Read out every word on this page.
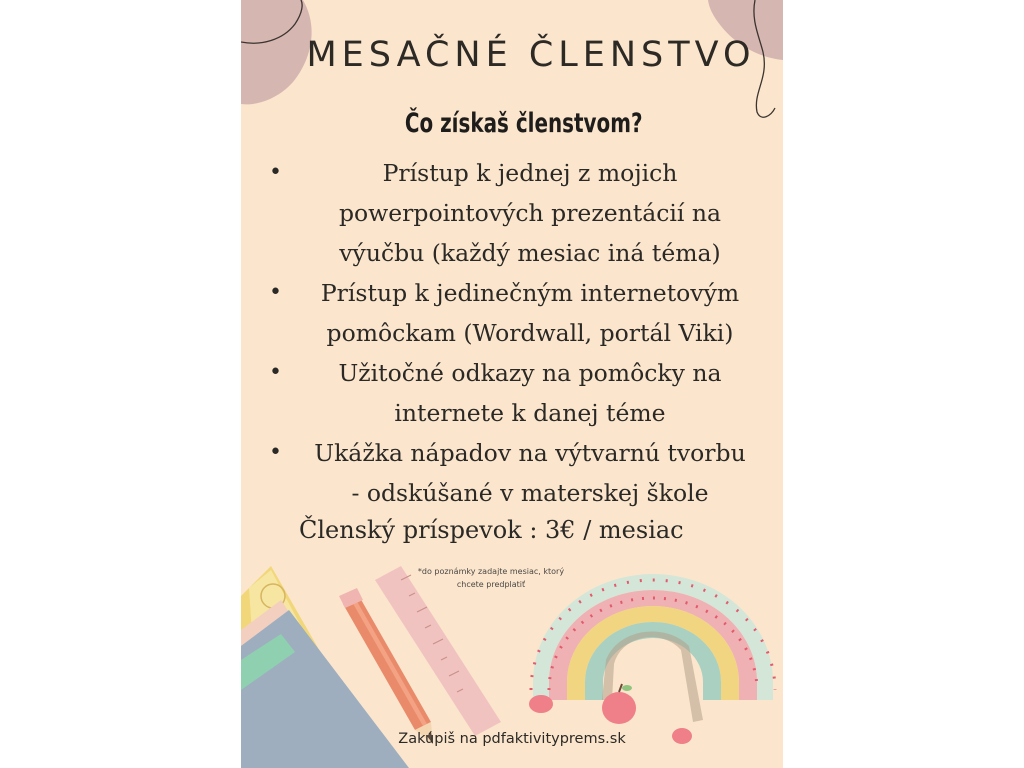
MESAČNÉ ČLENSTVO
Čo získaš členstvom?
•	Prístup k jednej z mojich
powerpointových prezentácií na
výučbu (každý mesiac iná téma)
•	Prístup k jedinečným internetovým
pomôckam (Wordwall, portál Viki)
•	Užitočné odkazy na pomôcky na
internete k danej téme
•	Ukážka nápadov na výtvarnú tvorbu
- odskúšané v materskej škole

Členský príspevok : 3€ / mesiac

*do poznámky zadajte mesiac, ktorý
chcete predplatiť

Zakúpiš na pdfaktivityprems.sk
